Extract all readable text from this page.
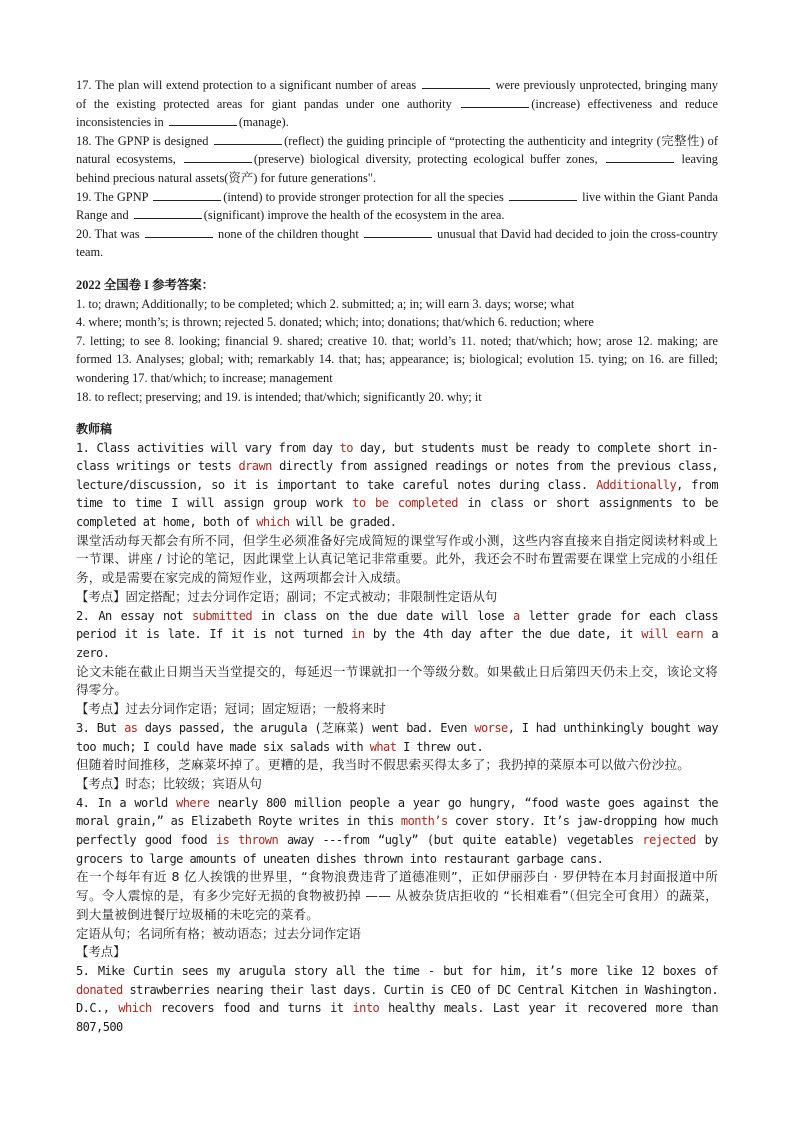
17. The plan will extend protection to a significant number of areas	were previously unprotected, bringing many of the existing protected areas for giant pandas under one authority	(increase) effectiveness and reduce inconsistencies in	(manage).

18. The GPNP is designed	(reflect) the guiding principle of “protecting the authenticity and integrity (完整性) of natural ecosystems,	(preserve) biological diversity, protecting ecological buffer zones,	leaving behind precious natural assets(资产) for future generations".

19. The GPNP	(intend) to provide stronger protection for all the species	live within the Giant Panda Range and	(significant) improve the health of the ecosystem in the area.

20. That was	none of the children thought	unusual that David had decided to join the cross-country team.

2022 全国卷 I 参考答案：

1. to; drawn; Additionally; to be completed; which 2. submitted; a; in; will earn 3. days; worse; what

4. where; month’s; is thrown; rejected 5. donated; which; into; donations; that/which 6. reduction; where

7. letting; to see 8. looking; financial 9. shared; creative 10. that; world’s 11. noted; that/which; how; arose 12. making; are formed 13. Analyses; global; with; remarkably 14. that; has; appearance; is; biological; evolution 15. tying; on 16. are filled; wondering 17. that/which; to increase; management

18. to reflect; preserving; and 19. is intended; that/which; significantly 20. why; it

教师稿

1. Class activities will vary from day to day, but students must be ready to complete short in-class writings or tests drawn directly from assigned readings or notes from the previous class, lecture/discussion, so it is important to take careful notes during class. Additionally, from time to time I will assign group work to be completed in class or short assignments to be completed at home, both of which will be graded.

课堂活动每天都会有所不同，但学生必须准备好完成简短的课堂写作或小测，这些内容直接来自指定阅读材料或上一节课、讲座 / 讨论的笔记，因此课堂上认真记笔记非常重要。此外，我还会不时布置需要在课堂上完成的小组任务，或是需要在家完成的简短作业，这两项都会计入成绩。

【考点】固定搭配；过去分词作定语；副词；不定式被动；非限制性定语从句

2. An essay not submitted in class on the due date will lose a letter grade for each class period it is late. If it is not turned in by the 4th day after the due date, it will earn a zero.

论文未能在截止日期当天当堂提交的，每延迟一节课就扣一个等级分数。如果截止日后第四天仍未上交，该论文将得零分。

【考点】过去分词作定语；冠词；固定短语；一般将来时

3. But as days passed, the arugula (芝麻菜) went bad. Even worse, I had unthinkingly bought way too much; I could have made six salads with what I threw out.

但随着时间推移，芝麻菜坏掉了。更糟的是，我当时不假思索买得太多了；我扔掉的菜原本可以做六份沙拉。

【考点】时态；比较级；宾语从句

4. In a world where nearly 800 million people a year go hungry, “food waste goes against the moral grain,” as Elizabeth Royte writes in this month’s cover story. It’s jaw-dropping how much perfectly good food is thrown away ---from “ugly” (but quite eatable) vegetables rejected by grocers to large amounts of uneaten dishes thrown into restaurant garbage cans.

在一个每年有近 8 亿人挨饿的世界里，“食物浪费违背了道德准则”，正如伊丽莎白 · 罗伊特在本月封面报道中所写。令人震惊的是，有多少完好无损的食物被扔掉 —— 从被杂货店拒收的 “长相难看”（但完全可食用）的蔬菜，到大量被倒进餐厅垃圾桶的未吃完的菜肴。

定语从句；名词所有格；被动语态；过去分词作定语

【考点】

5. Mike Curtin sees my arugula story all the time - but for him, it’s more like 12 boxes of donated strawberries nearing their last days. Curtin is CEO of DC Central Kitchen in Washington. D.C., which recovers food and turns it into healthy meals. Last year it recovered more than 807,500
